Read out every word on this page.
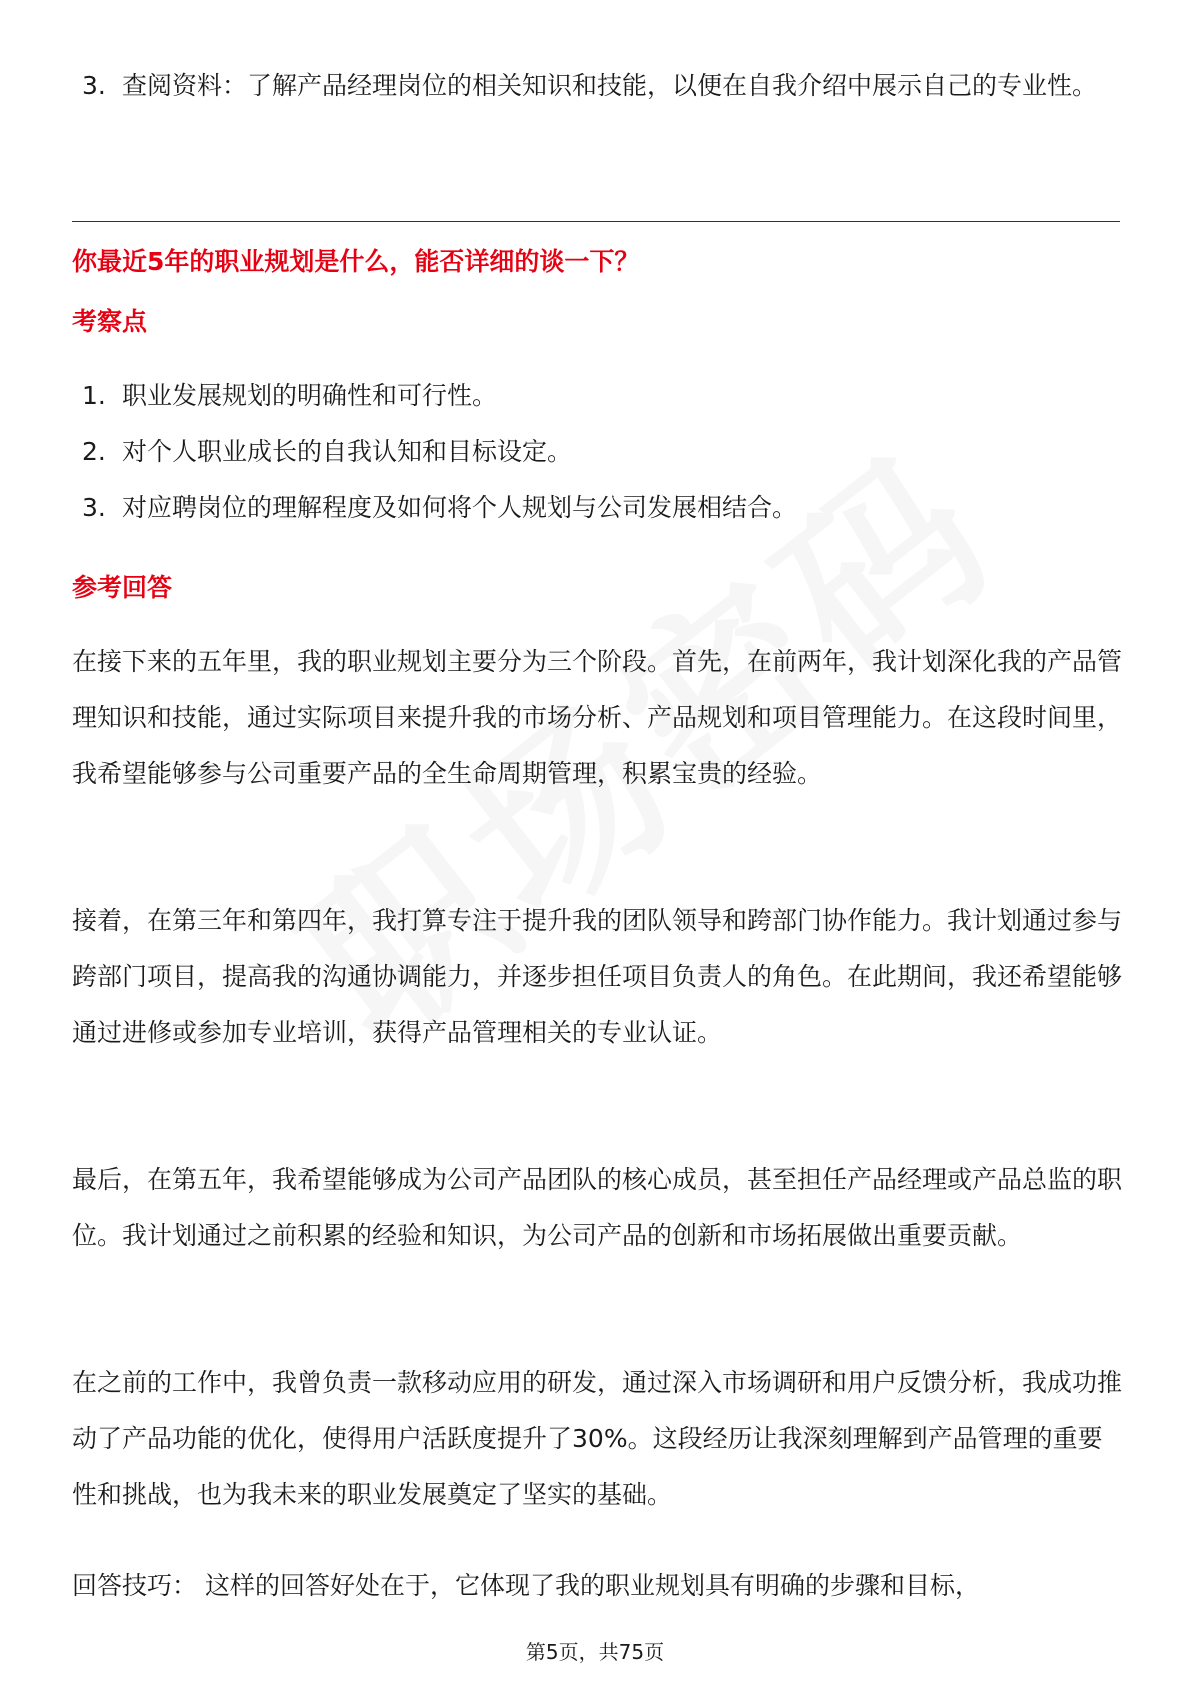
3. 查阅资料：了解产品经理岗位的相关知识和技能，以便在自我介绍中展示自己的专业性。
你最近5年的职业规划是什么，能否详细的谈一下？
考察点
1. 职业发展规划的明确性和可行性。
2. 对个人职业成长的自我认知和目标设定。
3. 对应聘岗位的理解程度及如何将个人规划与公司发展相结合。
参考回答

在接下来的五年里，我的职业规划主要分为三个阶段。首先，在前两年，我计划深化我的产品管理知识和技能，通过实际项目来提升我的市场分析、产品规划和项目管理能力。在这段时间里，我希望能够参与公司重要产品的全生命周期管理，积累宝贵的经验。

接着，在第三年和第四年，我打算专注于提升我的团队领导和跨部门协作能力。我计划通过参与跨部门项目，提高我的沟通协调能力，并逐步担任项目负责人的角色。在此期间，我还希望能够通过进修或参加专业培训，获得产品管理相关的专业认证。

最后，在第五年，我希望能够成为公司产品团队的核心成员，甚至担任产品经理或产品总监的职位。我计划通过之前积累的经验和知识，为公司产品的创新和市场拓展做出重要贡献。

在之前的工作中，我曾负责一款移动应用的研发，通过深入市场调研和用户反馈分析，我成功推动了产品功能的优化，使得用户活跃度提升了30%。这段经历让我深刻理解到产品管理的重要性和挑战，也为我未来的职业发展奠定了坚实的基础。

回答技巧： 这样的回答好处在于，它体现了我的职业规划具有明确的步骤和目标，

第5页，共75页
